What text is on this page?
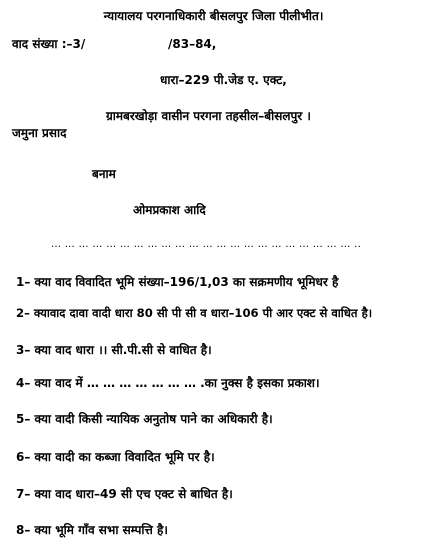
न्यायालय परगनाधिकारी बीसलपुर जिला पीलीभीत।
वाद संख्या :–3/	/83–84,
धारा–229 पी.जेड ए. एक्ट,
ग्रामबरखोड़ा वासीन परगना तहसील–बीसलपुर ।
जमुना प्रसाद
बनाम
ओमप्रकाश आदि
… … … … … … … … … … … … … … … … … … … … … … ..
1– क्या वाद विवादित भूमि संख्या–196/1,03 का सक्रमणीय भूमिधर है
2– क्यावाद दावा वादी धारा 80 सी पी सी व धारा–106 पी आर एक्ट से वाधित है।
3– क्या वाद धारा ।। सी.पी.सी से वाधित है।
4– क्या वाद में … … … … … … … .का नुक्स है इसका प्रकाश।
5– क्या वादी किसी न्यायिक अनुतोष पाने का अधिकारी है।
6– क्या वादी का कब्जा विवादित भूमि पर है।
7– क्या वाद धारा–49 सी एच एक्ट से बाधित है।
8– क्या भूमि गाँव सभा सम्पत्ति है।
